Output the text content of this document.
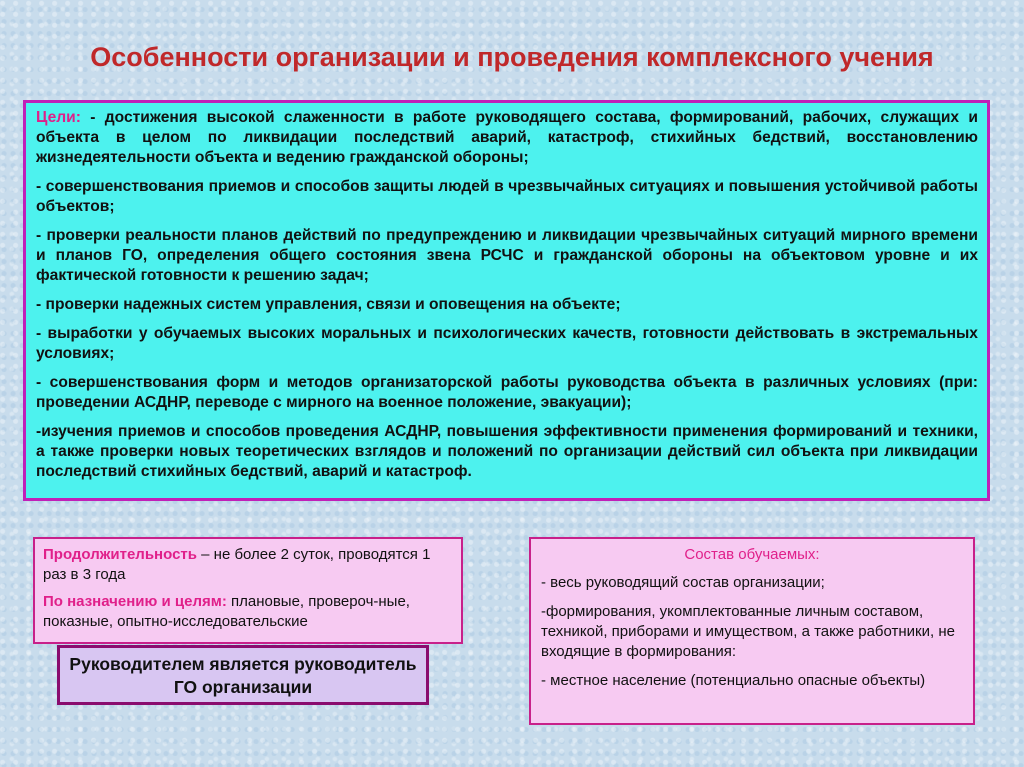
Особенности организации и проведения комплексного учения

Цели: - достижения высокой слаженности в работе руководящего состава, формирований, рабочих, служащих и объекта в целом по ликвидации последствий аварий, катастроф, стихийных бедствий, восстановлению жизнедеятельности объекта и ведению гражданской обороны;

- совершенствования приемов и способов защиты людей в чрезвычайных ситуациях и повышения устойчивой работы объектов;

- проверки реальности планов действий по предупреждению и ликвидации чрезвычайных ситуаций мирного времени и планов ГО, определения общего состояния звена РСЧС и гражданской обороны на объектовом уровне и их фактической готовности к решению задач;

- проверки надежных систем управления, связи и оповещения на объекте;

- выработки у обучаемых высоких моральных и психологических качеств, готовности действовать в экстремальных условиях;

- совершенствования форм и методов организаторской работы руководства объекта в различных условиях (при: проведении АСДНР, переводе с мирного на военное положение, эвакуации);

-изучения приемов и способов проведения АСДНР, повышения эффективности применения формирований и техники, а также проверки новых теоретических взглядов и положений по организации действий сил объекта при ликвидации последствий стихийных бедствий, аварий и катастроф.

Продолжительность – не более 2 суток, проводятся 1 раз в 3 года

По назначению и целям: плановые, провероч-ные, показные, опытно-исследовательские

Руководителем является руководитель ГО организации

Состав обучаемых:

- весь руководящий состав организации;

-формирования, укомплектованные личным составом, техникой, приборами и имуществом, а также работники, не входящие в формирования:

- местное население (потенциально опасные объекты)
